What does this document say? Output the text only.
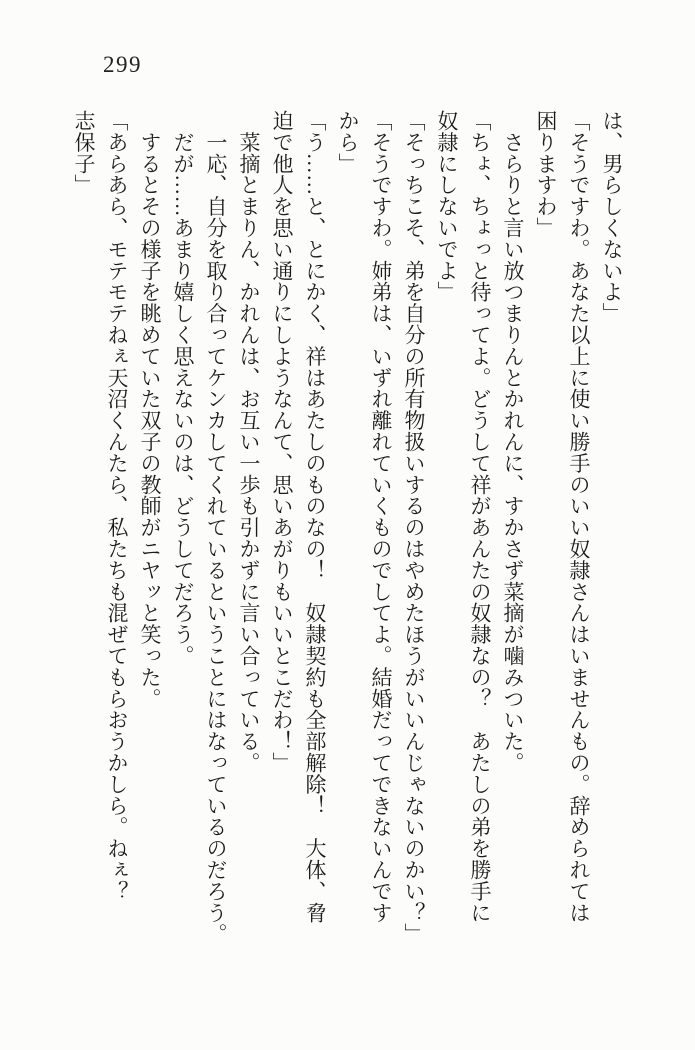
299

は、男らしくないよ」

「そうですわ。あなた以上に使い勝手のいい奴隷さんはいませんもの。辞められては

困りますわ」

　さらりと言い放つまりんとかれんに、すかさず菜摘が噛みついた。

「ちょ、ちょっと待ってよ。どうして祥があんたの奴隷なの？　あたしの弟を勝手に

奴隷にしないでよ」

「そっちこそ、弟を自分の所有物扱いするのはやめたほうがいいんじゃないのかい？」

「そうですわ。姉弟は、いずれ離れていくものでしてよ。結婚だってできないんです

から」

「う……と、とにかく、祥はあたしのものなの！　奴隷契約も全部解除！　大体、脅

迫で他人を思い通りにしようなんて、思いあがりもいいとこだわ！」

　菜摘とまりん、かれんは、お互い一歩も引かずに言い合っている。

　一応、自分を取り合ってケンカしてくれているということにはなっているのだろう。

　だが……あまり嬉しく思えないのは、どうしてだろう。

　するとその様子を眺めていた双子の教師がニヤッと笑った。

「あらあら、モテモテねぇ天沼くんたら、私たちも混ぜてもらおうかしら。ねぇ？

志保子」
